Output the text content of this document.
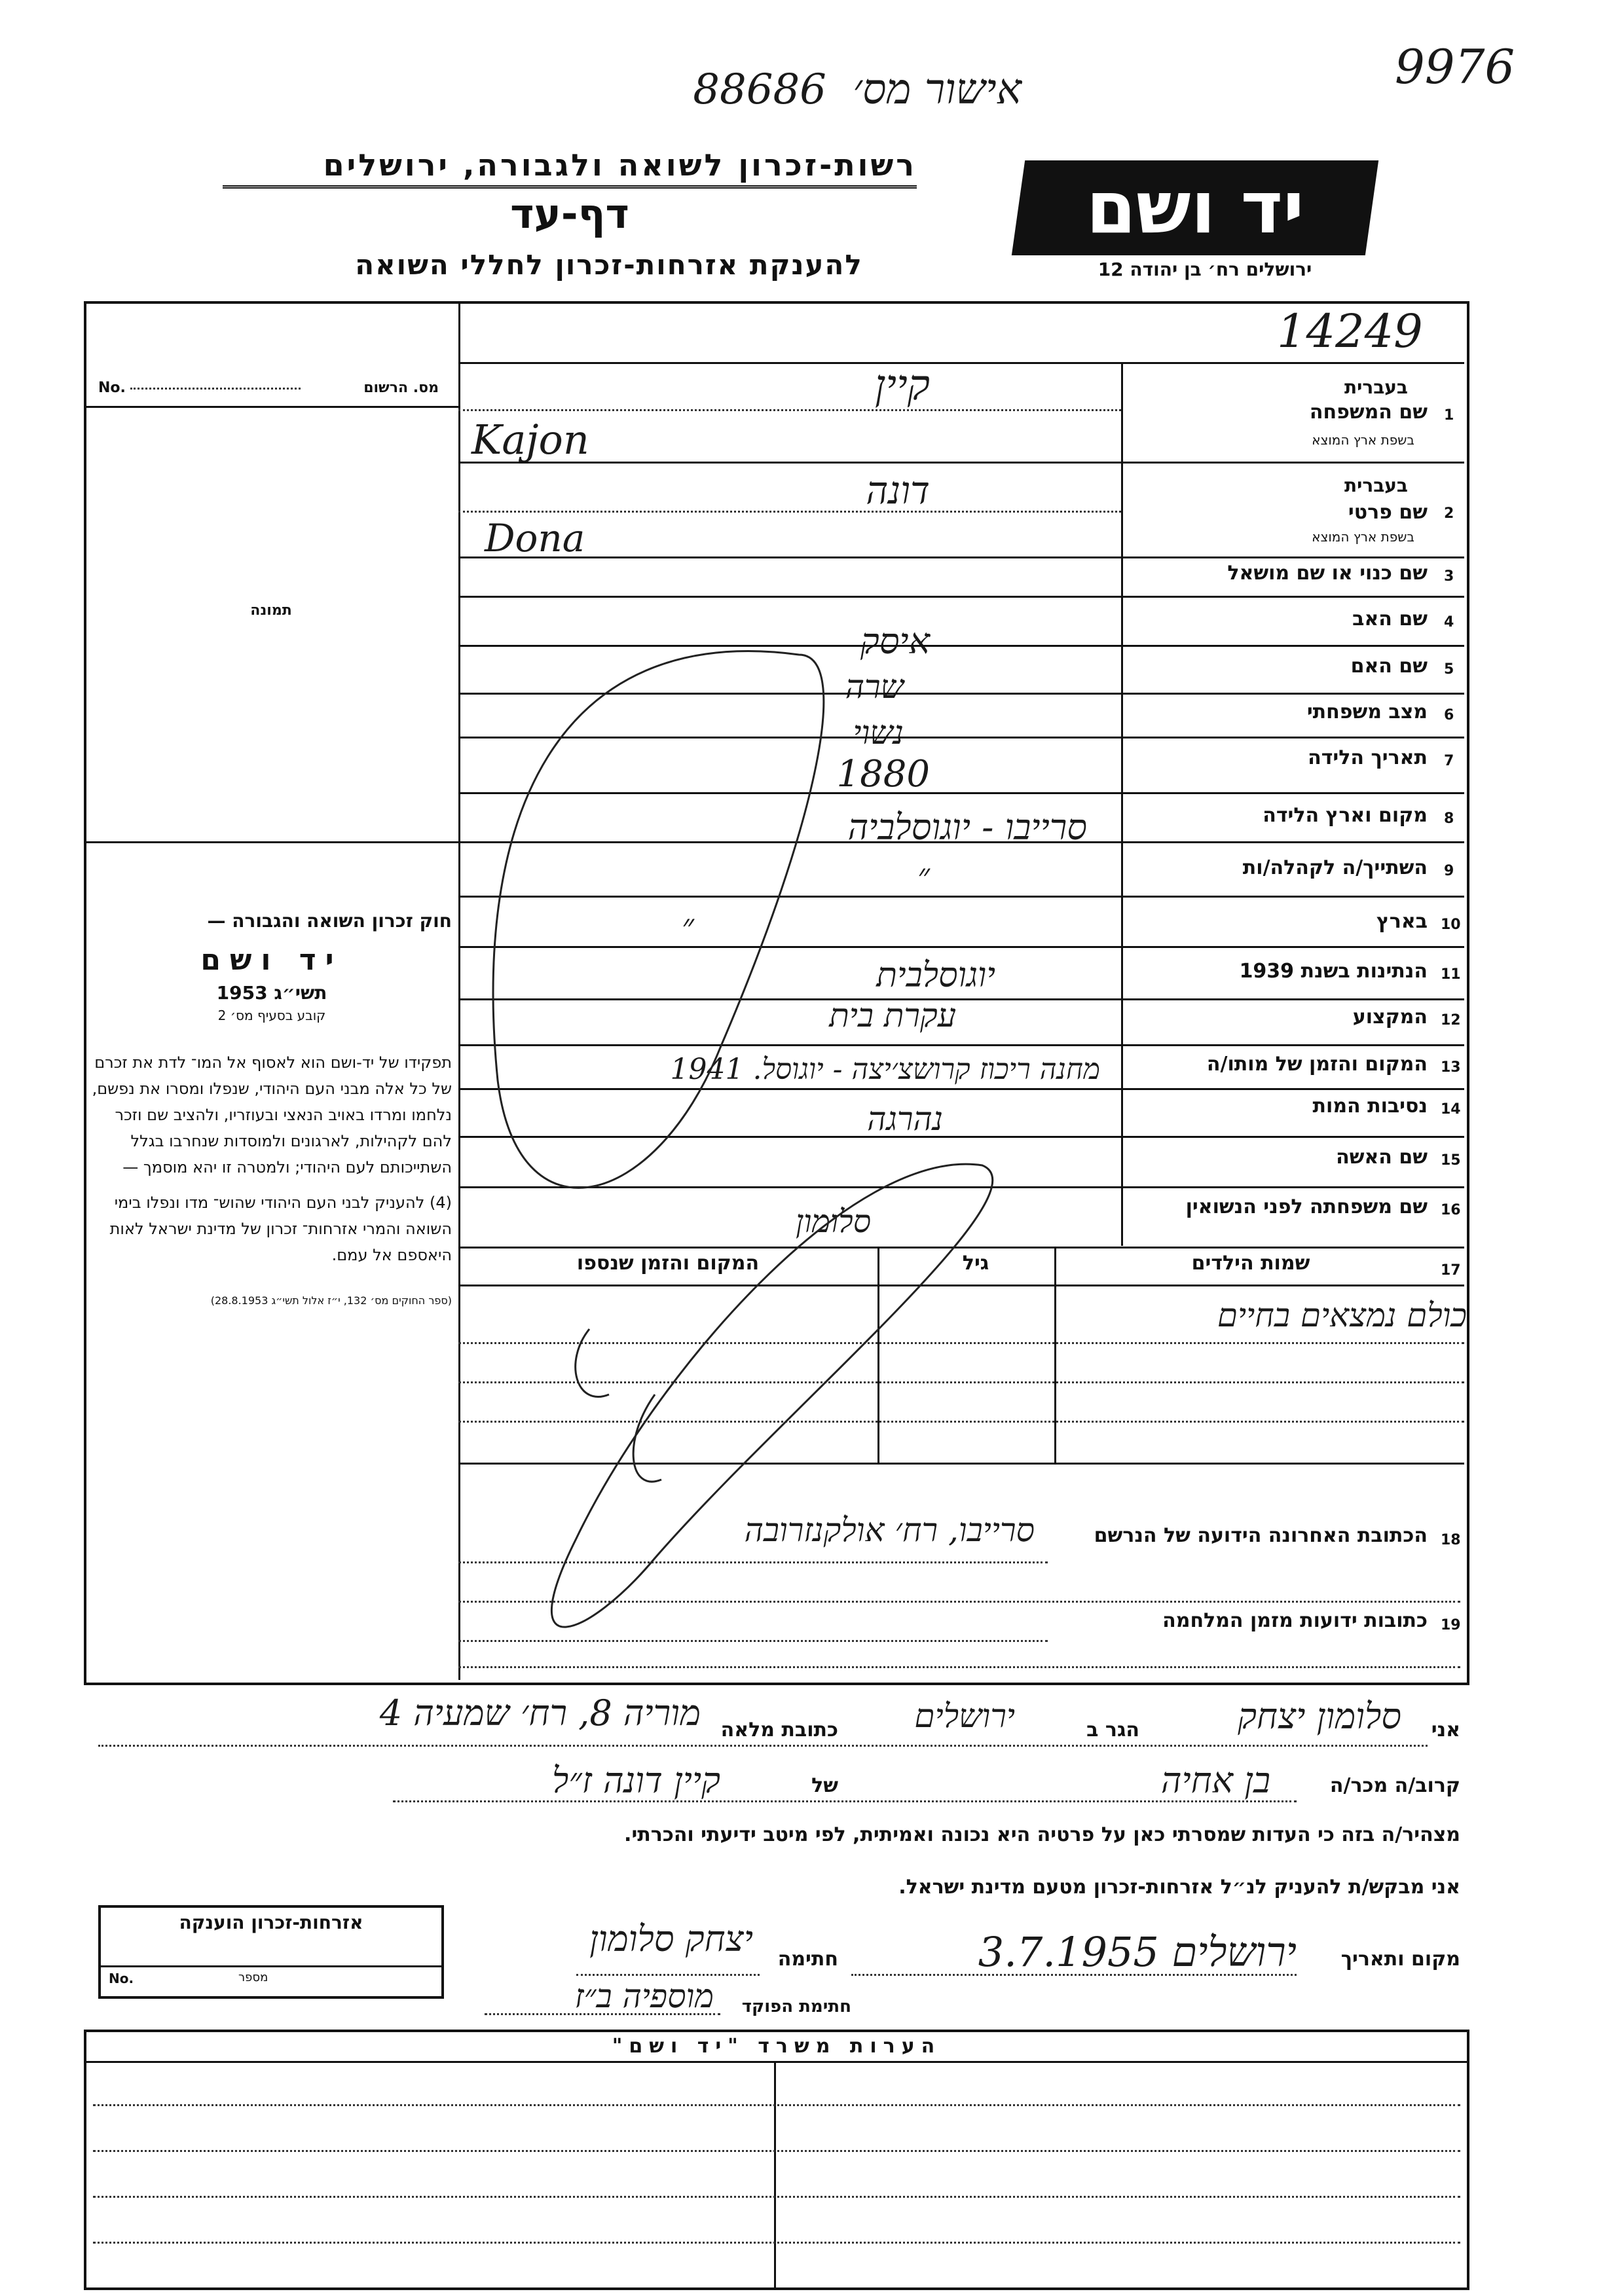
9976
אישור מס׳ 88686
רשות-זכרון לשואה ולגבורה, ירושלים
דף-עד
להענקת אזרחות-זכרון לחללי השואה
יד ושם
ירושלים רח׳ בן יהודה 12
14249
No.	מס. הרשום
תמונה
חוק זכרון השואה והגבורה —
יד ושם
תשי״ג 1953
קובע בסעיף מס׳ 2
תפקידו של יד-ושם הוא לאסוף אל המו־ לדת את זכרם של כל אלה מבני העם היהודי, שנפלו ומסרו את נפשם, נלחמו ומרדו באויב הנאצי ובעוזריו, ולהציב שם וזכר להם לקהילות, לארגונים ולמוסדות שנחרבו בגלל השתייכותם לעם היהודי; ולמטרה זו יהא מוסמך —
(4) להעניק לבני העם היהודי שהוש־ מדו ונפלו בימי השואה והמרי אזרחות־ זכרון של מדינת ישראל לאות היאספם אל עמם.
(ספר החוקים מס׳ 132, י״ז אלול תשי״ג 28.8.1953)
1
בעברית
שם המשפחה
בשפת ארץ המוצא
קיין
Kajon
2
בעברית
שם פרטי
בשפת ארץ המוצא
דונה
Dona
3
שם כנוי או שם מושאל
4
שם האב
איסק
5
שם האם
שרה
6
מצב משפחתי
נשוי
7
תאריך הלידה
1880
8
מקום וארץ הלידה
סרייבו - יוגוסלביה
9
השתייך/ה לקהלה/ות
״
10
בארץ
״
11
הנתינות בשנת 1939
יוגוסלבית
12
המקצוע
עקרת בית
13
המקום והזמן של מותו/ה
מחנה ריכוז קרושצ׳יצה - יוגוסל. 1941
14
נסיבות המות
נהרגה
15
שם האשה
16
שם משפחתה לפני הנשואין
סלומון
17
שמות הילדים
גיל
המקום והזמן שנספו
כולם נמצאים בחיים
18
הכתובת האחרונה הידועה של הנרשם
סרייבו, רח׳ אולקנזרובה
19
כתובות ידועות מזמן המלחמה
אני
סלומון יצחק
הגר ב
ירושלים
כתובת מלאה
מוריה 8, רח׳ שמעיה 4
קרוב/ה מכר/ה
בן אחיה
של
קיין דונה ז״ל
מצהיר/ה בזה כי העדות שמסרתי כאן על פרטיה היא נכונה ואמיתית, לפי מיטב ידיעתי והכרתי.
אני מבקש/ת להעניק לנ״ל אזרחות-זכרון מטעם מדינת ישראל.
מקום ותאריך
ירושלים 3.7.1955
חתימה
יצחק סלומון
חתימת הפוקד
מוספיה ב״ז
אזרחות-זכרון הוענקה
No.	מספר
הערות משרד "יד ושם"
